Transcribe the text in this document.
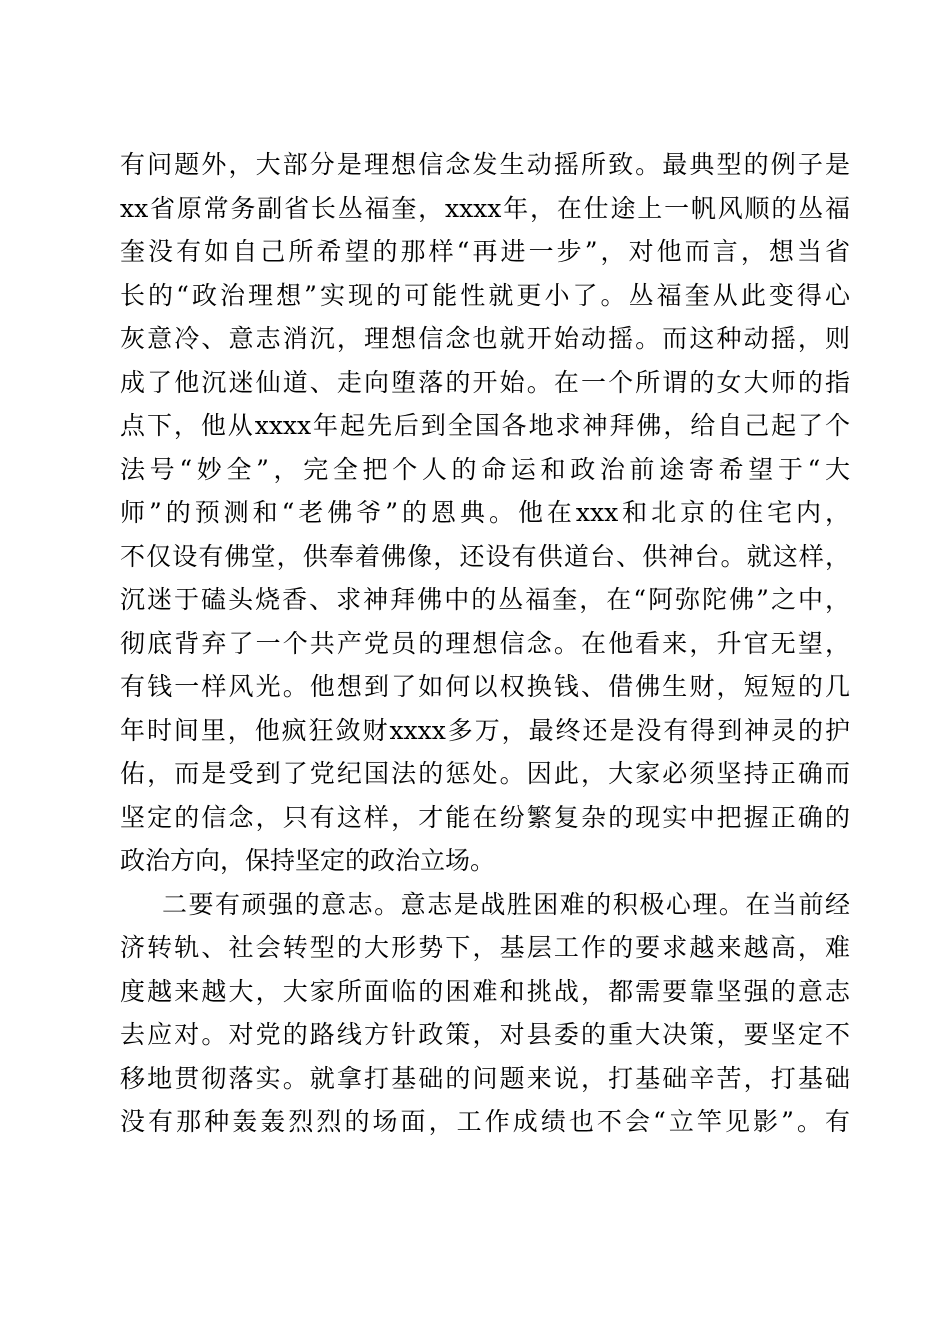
有问题外，大部分是理想信念发生动摇所致。最典型的例子是
xx省原常务副省长丛福奎，xxxx年，在仕途上一帆风顺的丛福
奎没有如自己所希望的那样“再进一步”，对他而言，想当省
长的“政治理想”实现的可能性就更小了。丛福奎从此变得心
灰意冷、意志消沉，理想信念也就开始动摇。而这种动摇，则
成了他沉迷仙道、走向堕落的开始。在一个所谓的女大师的指
点下，他从xxxx年起先后到全国各地求神拜佛，给自己起了个
法号“妙全”，完全把个人的命运和政治前途寄希望于“大
师”的预测和“老佛爷”的恩典。他在xxx和北京的住宅内，
不仅设有佛堂，供奉着佛像，还设有供道台、供神台。就这样，
沉迷于磕头烧香、求神拜佛中的丛福奎，在“阿弥陀佛”之中，
彻底背弃了一个共产党员的理想信念。在他看来，升官无望，
有钱一样风光。他想到了如何以权换钱、借佛生财，短短的几
年时间里，他疯狂敛财xxxx多万，最终还是没有得到神灵的护
佑，而是受到了党纪国法的惩处。因此，大家必须坚持正确而
坚定的信念，只有这样，才能在纷繁复杂的现实中把握正确的
政治方向，保持坚定的政治立场。
二要有顽强的意志。意志是战胜困难的积极心理。在当前经
济转轨、社会转型的大形势下，基层工作的要求越来越高，难
度越来越大，大家所面临的困难和挑战，都需要靠坚强的意志
去应对。对党的路线方针政策，对县委的重大决策，要坚定不
移地贯彻落实。就拿打基础的问题来说，打基础辛苦，打基础
没有那种轰轰烈烈的场面，工作成绩也不会“立竿见影”。有
